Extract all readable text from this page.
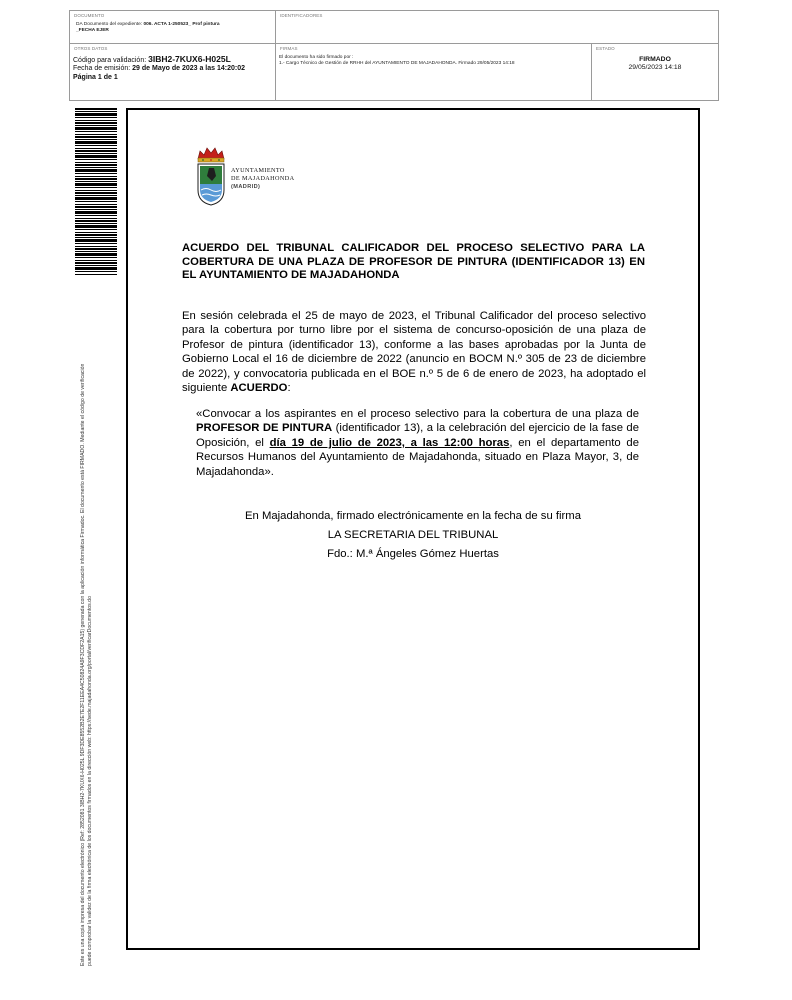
DOCUMENTO
DA Documento del expediente: 006. ACTA 1-250523_ Prof pintura
_FECHA EJER
IDENTIFICADORES
OTROS DATOS
Código para validación: 3IBH2-7KUX6-H025L
Fecha de emisión: 29 de Mayo de 2023 a las 14:20:02
Página 1 de 1
FIRMAS
El documento ha sido firmado por :
1.- Cargo Técnico de Gestión de RRHH del AYUNTAMIENTO DE MAJADAHONDA. Firmado 29/05/2023 14:18
ESTADO
FIRMADO
29/05/2023 14:18
Este es una copia impresa del documento electrónico (Ref: 2852081 3IBH2-7KUX6-H025L 9DF3DE8552B2E7E2F11EEA4C50824A9F3CDF2A15) generada con la aplicación informática Firmadoc. El documento está FIRMADO. Mediante el código de verificación
puede comprobar la validez de la firma electrónica de los documentos firmados en la dirección web: https://sede.majadahonda.org/portal/verificarDocumentos.do
AYUNTAMIENTO
DE MAJADAHONDA
(MADRID)
ACUERDO DEL TRIBUNAL CALIFICADOR DEL PROCESO SELECTIVO PARA LA COBERTURA DE UNA PLAZA DE PROFESOR DE PINTURA (IDENTIFICADOR 13) EN EL AYUNTAMIENTO DE MAJADAHONDA
En sesión celebrada el 25 de mayo de 2023, el Tribunal Calificador del proceso selectivo para la cobertura por turno libre por el sistema de concurso-oposición de una plaza de Profesor de pintura (identificador 13), conforme a las bases aprobadas por la Junta de Gobierno Local el 16 de diciembre de 2022 (anuncio en BOCM N.º 305 de 23 de diciembre de 2022), y convocatoria publicada en el BOE n.º 5 de 6 de enero de 2023, ha adoptado el siguiente ACUERDO:
«Convocar a los aspirantes en el proceso selectivo para la cobertura de una plaza de PROFESOR DE PINTURA (identificador 13), a la celebración del ejercicio de la fase de Oposición, el día 19 de julio de 2023, a las 12:00 horas, en el departamento de Recursos Humanos del Ayuntamiento de Majadahonda, situado en Plaza Mayor, 3, de Majadahonda».
En Majadahonda, firmado electrónicamente en la fecha de su firma
LA SECRETARIA DEL TRIBUNAL
Fdo.: M.ª Ángeles Gómez Huertas
